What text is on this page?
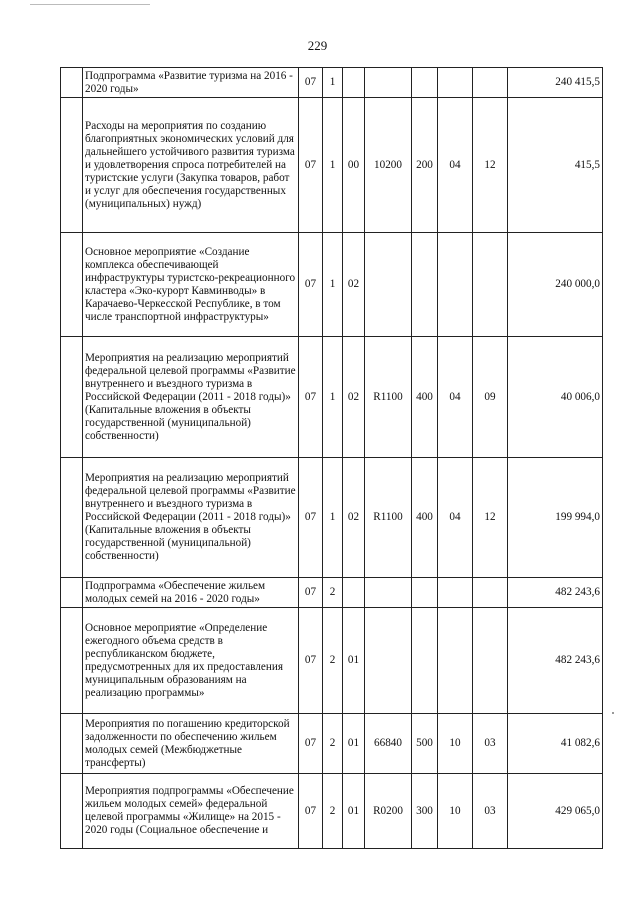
229
	Подпрограмма «Развитие туризма на 2016 - 2020 годы»	07	1						240 415,5
	Расходы на мероприятия по созданию благоприятных экономических условий для дальнейшего устойчивого развития туризма и удовлетворения спроса потребителей на туристские услуги (Закупка товаров, работ и услуг для обеспечения государственных (муниципальных) нужд)	07	1	00	10200	200	04	12	415,5
	Основное мероприятие «Создание комплекса обеспечивающей инфраструктуры туристско-рекреационного кластера «Эко-курорт Кавминводы» в Карачаево-Черкесской Республике, в том числе транспортной инфраструктуры»	07	1	02					240 000,0
	Мероприятия на реализацию мероприятий федеральной целевой программы «Развитие внутреннего и въездного туризма в Российской Федерации (2011 - 2018 годы)» (Капитальные вложения в объекты государственной (муниципальной) собственности)	07	1	02	R1100	400	04	09	40 006,0
	Мероприятия на реализацию мероприятий федеральной целевой программы «Развитие внутреннего и въездного туризма в Российской Федерации (2011 - 2018 годы)» (Капитальные вложения в объекты государственной (муниципальной) собственности)	07	1	02	R1100	400	04	12	199 994,0
	Подпрограмма «Обеспечение жильем молодых семей на 2016 - 2020 годы»	07	2						482 243,6
	Основное мероприятие «Определение ежегодного объема средств в республиканском бюджете, предусмотренных для их предоставления муниципальным образованиям на реализацию программы»	07	2	01					482 243,6
	Мероприятия по погашению кредиторской задолженности по обеспечению жильем молодых семей (Межбюджетные трансферты)	07	2	01	66840	500	10	03	41 082,6
	Мероприятия подпрограммы «Обеспечение жильем молодых семей» федеральной целевой программы «Жилище» на 2015 - 2020 годы (Социальное обеспечение и	07	2	01	R0200	300	10	03	429 065,0
